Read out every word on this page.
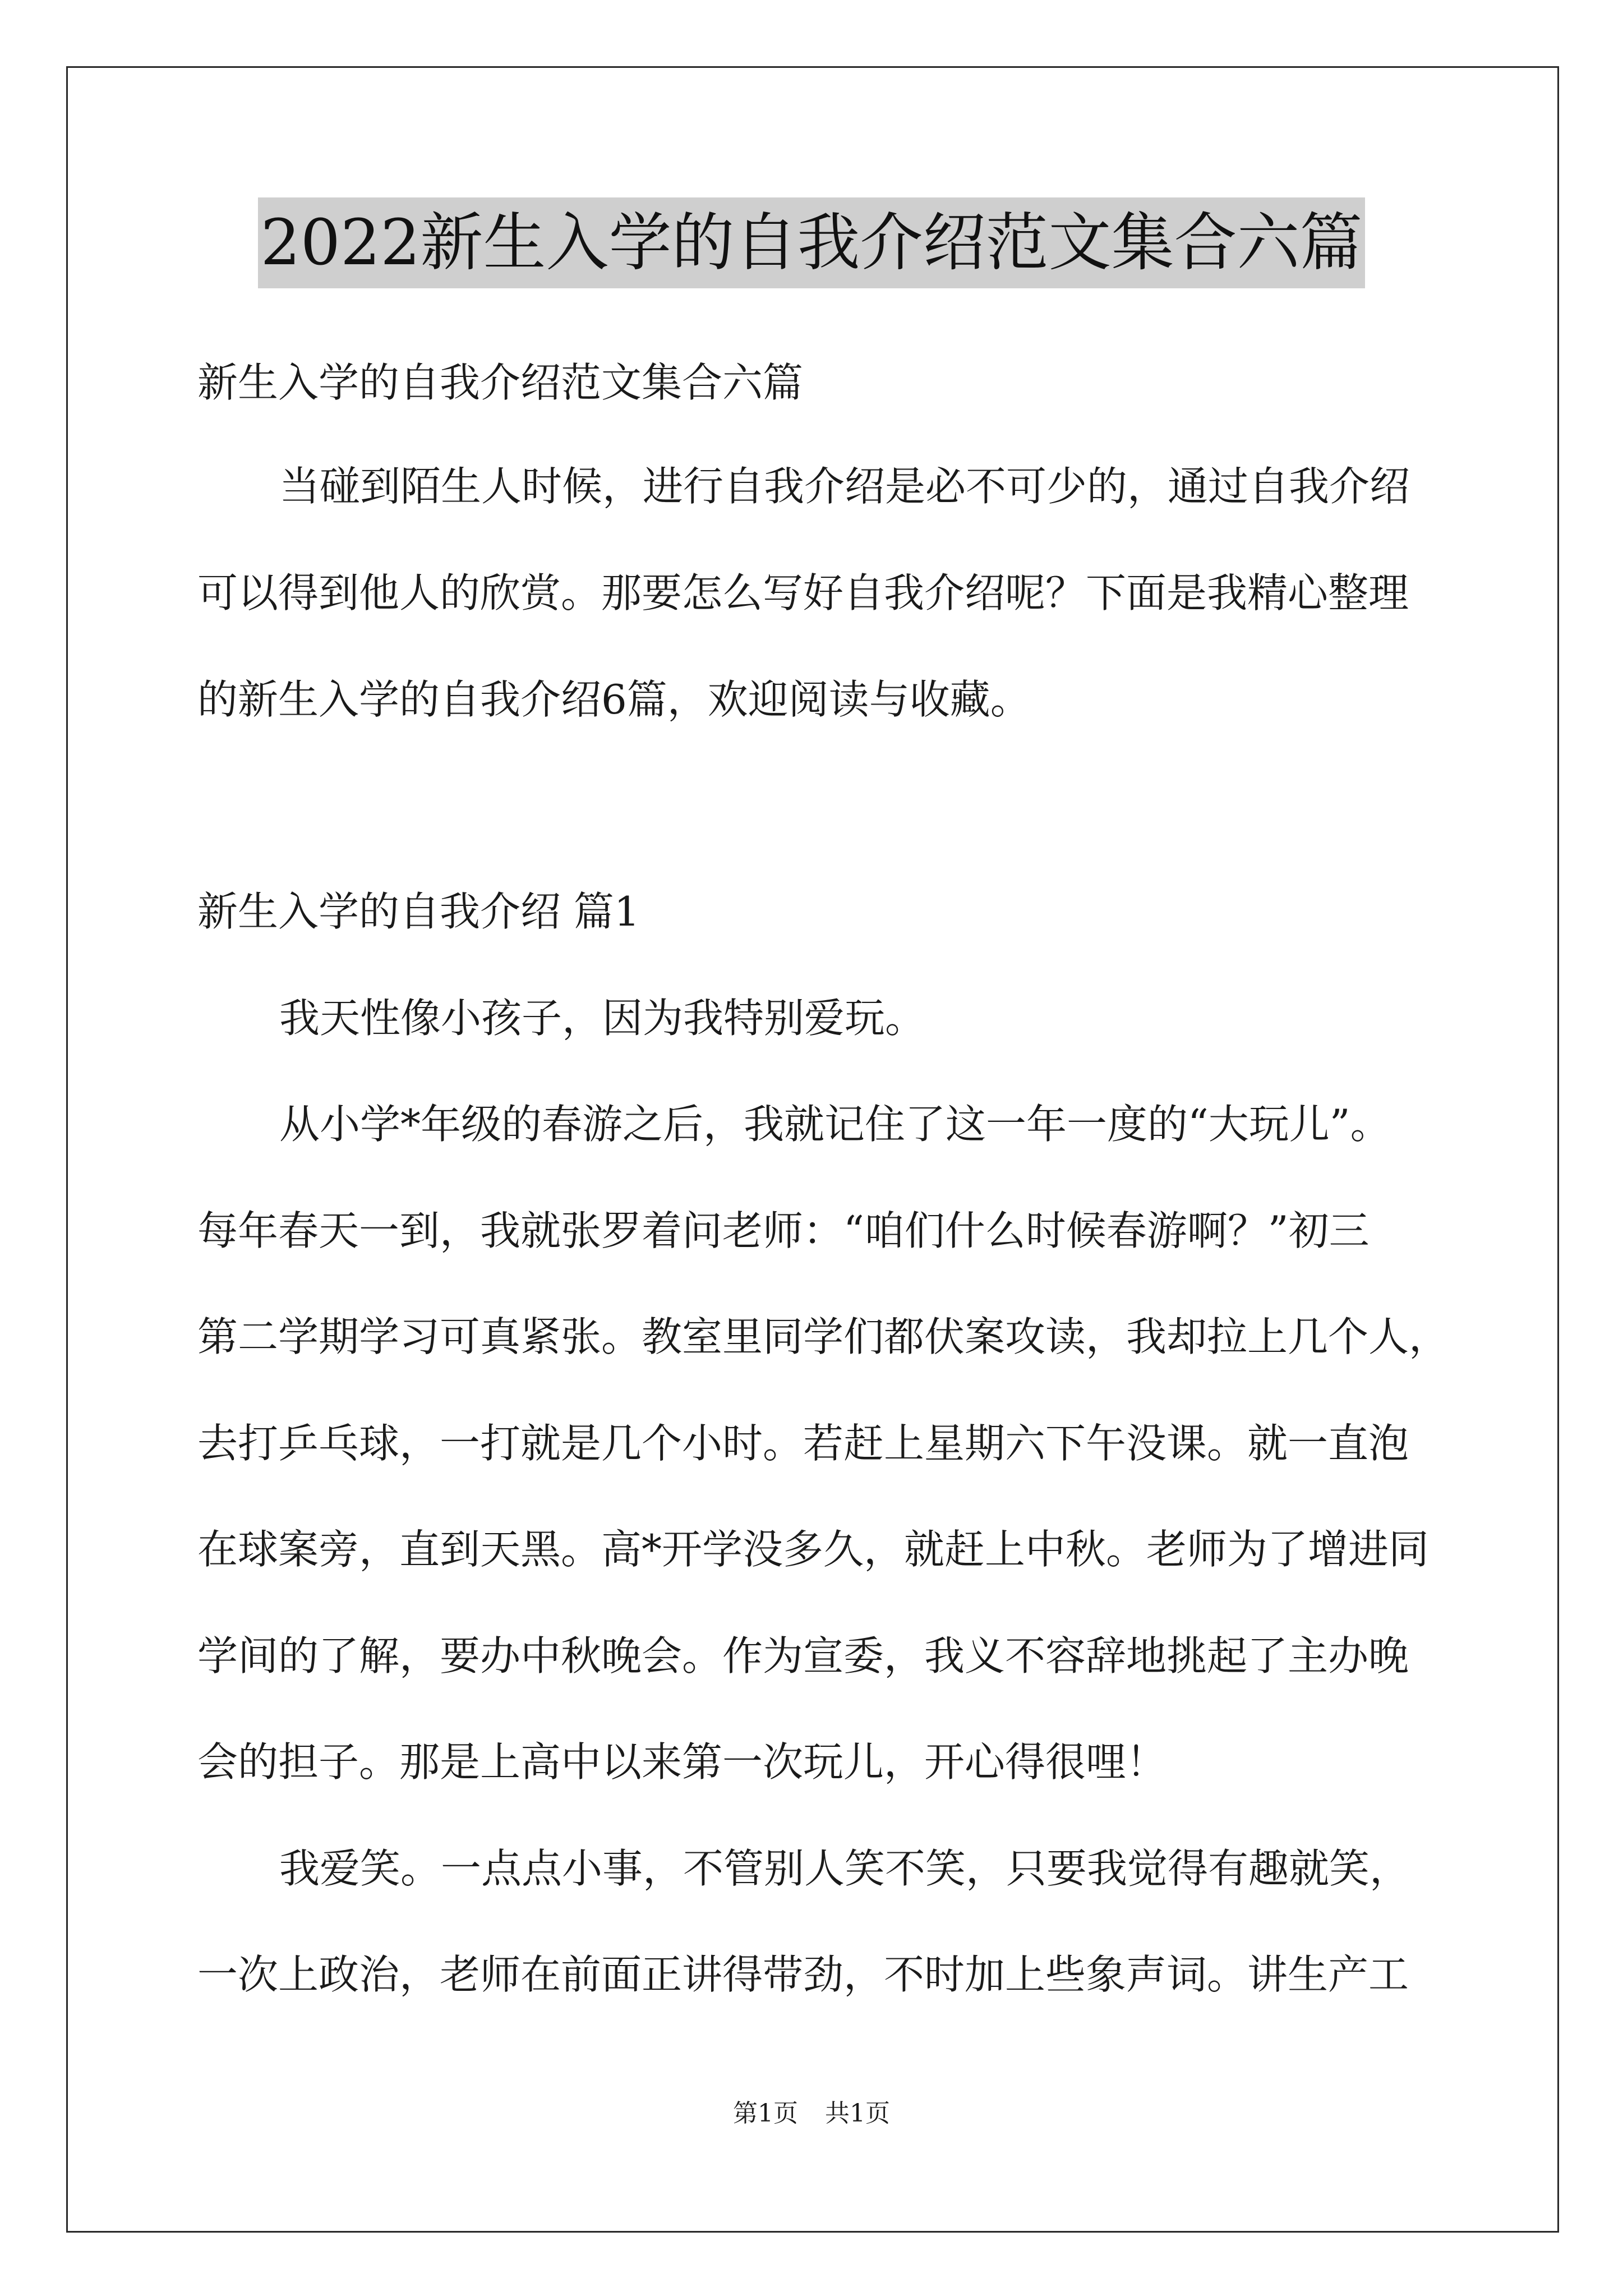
2022新生入学的自我介绍范文集合六篇
新生入学的自我介绍范文集合六篇
当碰到陌生人时候，进行自我介绍是必不可少的，通过自我介绍
可以得到他人的欣赏。那要怎么写好自我介绍呢？下面是我精心整理
的新生入学的自我介绍6篇，欢迎阅读与收藏。
新生入学的自我介绍 篇1
我天性像小孩子，因为我特别爱玩。
从小学*年级的春游之后，我就记住了这一年一度的“大玩儿”。
每年春天一到，我就张罗着问老师：“咱们什么时候春游啊？”初三
第二学期学习可真紧张。教室里同学们都伏案攻读，我却拉上几个人，
去打乒乓球，一打就是几个小时。若赶上星期六下午没课。就一直泡
在球案旁，直到天黑。高*开学没多久，就赶上中秋。老师为了增进同
学间的了解，要办中秋晚会。作为宣委，我义不容辞地挑起了主办晚
会的担子。那是上高中以来第一次玩儿，开心得很哩！
我爱笑。一点点小事，不管别人笑不笑，只要我觉得有趣就笑，
一次上政治，老师在前面正讲得带劲，不时加上些象声词。讲生产工
第1页 共1页
